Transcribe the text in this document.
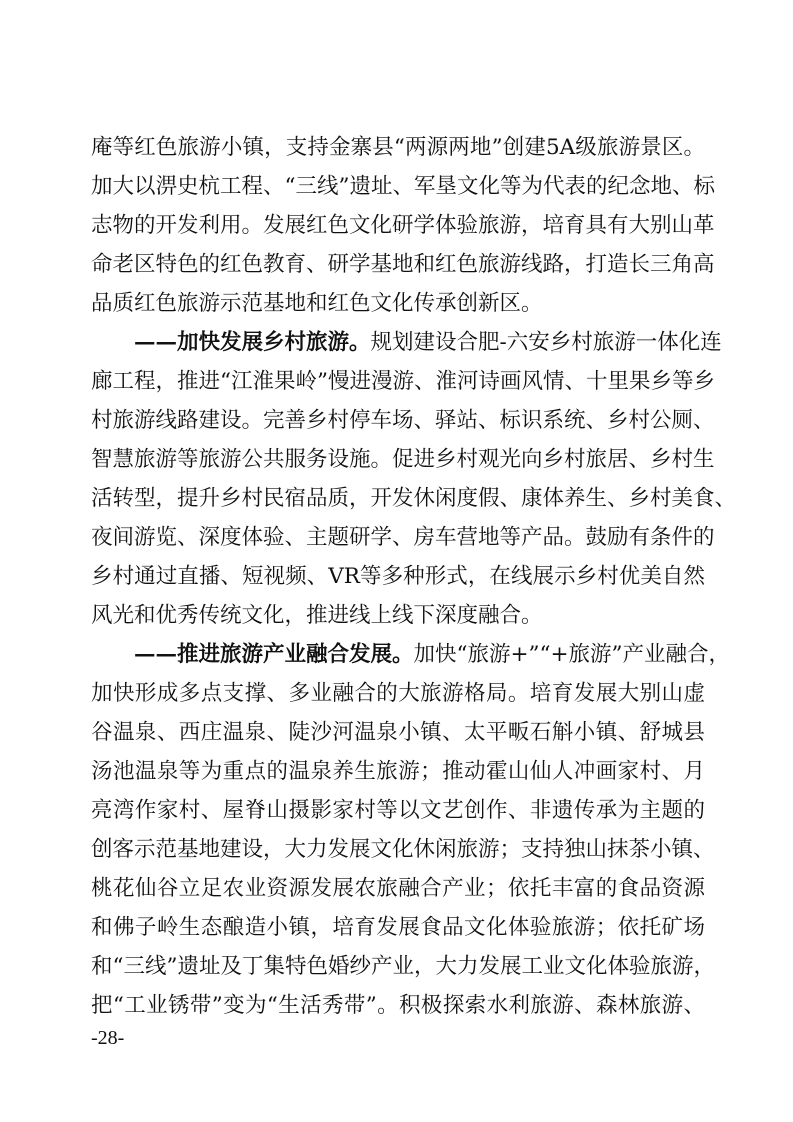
庵等红色旅游小镇，支持金寨县“两源两地”创建5A级旅游景区。
加大以淠史杭工程、“三线”遗址、军垦文化等为代表的纪念地、标
志物的开发利用。发展红色文化研学体验旅游，培育具有大别山革
命老区特色的红色教育、研学基地和红色旅游线路，打造长三角高
品质红色旅游示范基地和红色文化传承创新区。
——加快发展乡村旅游。规划建设合肥-六安乡村旅游一体化连
廊工程，推进“江淮果岭”慢进漫游、淮河诗画风情、十里果乡等乡
村旅游线路建设。完善乡村停车场、驿站、标识系统、乡村公厕、
智慧旅游等旅游公共服务设施。促进乡村观光向乡村旅居、乡村生
活转型，提升乡村民宿品质，开发休闲度假、康体养生、乡村美食、
夜间游览、深度体验、主题研学、房车营地等产品。鼓励有条件的
乡村通过直播、短视频、VR等多种形式，在线展示乡村优美自然
风光和优秀传统文化，推进线上线下深度融合。
——推进旅游产业融合发展。加快“旅游+”“+旅游”产业融合，
加快形成多点支撑、多业融合的大旅游格局。培育发展大别山虚
谷温泉、西庄温泉、陡沙河温泉小镇、太平畈石斛小镇、舒城县
汤池温泉等为重点的温泉养生旅游；推动霍山仙人冲画家村、月
亮湾作家村、屋脊山摄影家村等以文艺创作、非遗传承为主题的
创客示范基地建设，大力发展文化休闲旅游；支持独山抹茶小镇、
桃花仙谷立足农业资源发展农旅融合产业；依托丰富的食品资源
和佛子岭生态酿造小镇，培育发展食品文化体验旅游；依托矿场
和“三线”遗址及丁集特色婚纱产业，大力发展工业文化体验旅游，
把“工业锈带”变为“生活秀带”。积极探索水利旅游、森林旅游、
-28-
